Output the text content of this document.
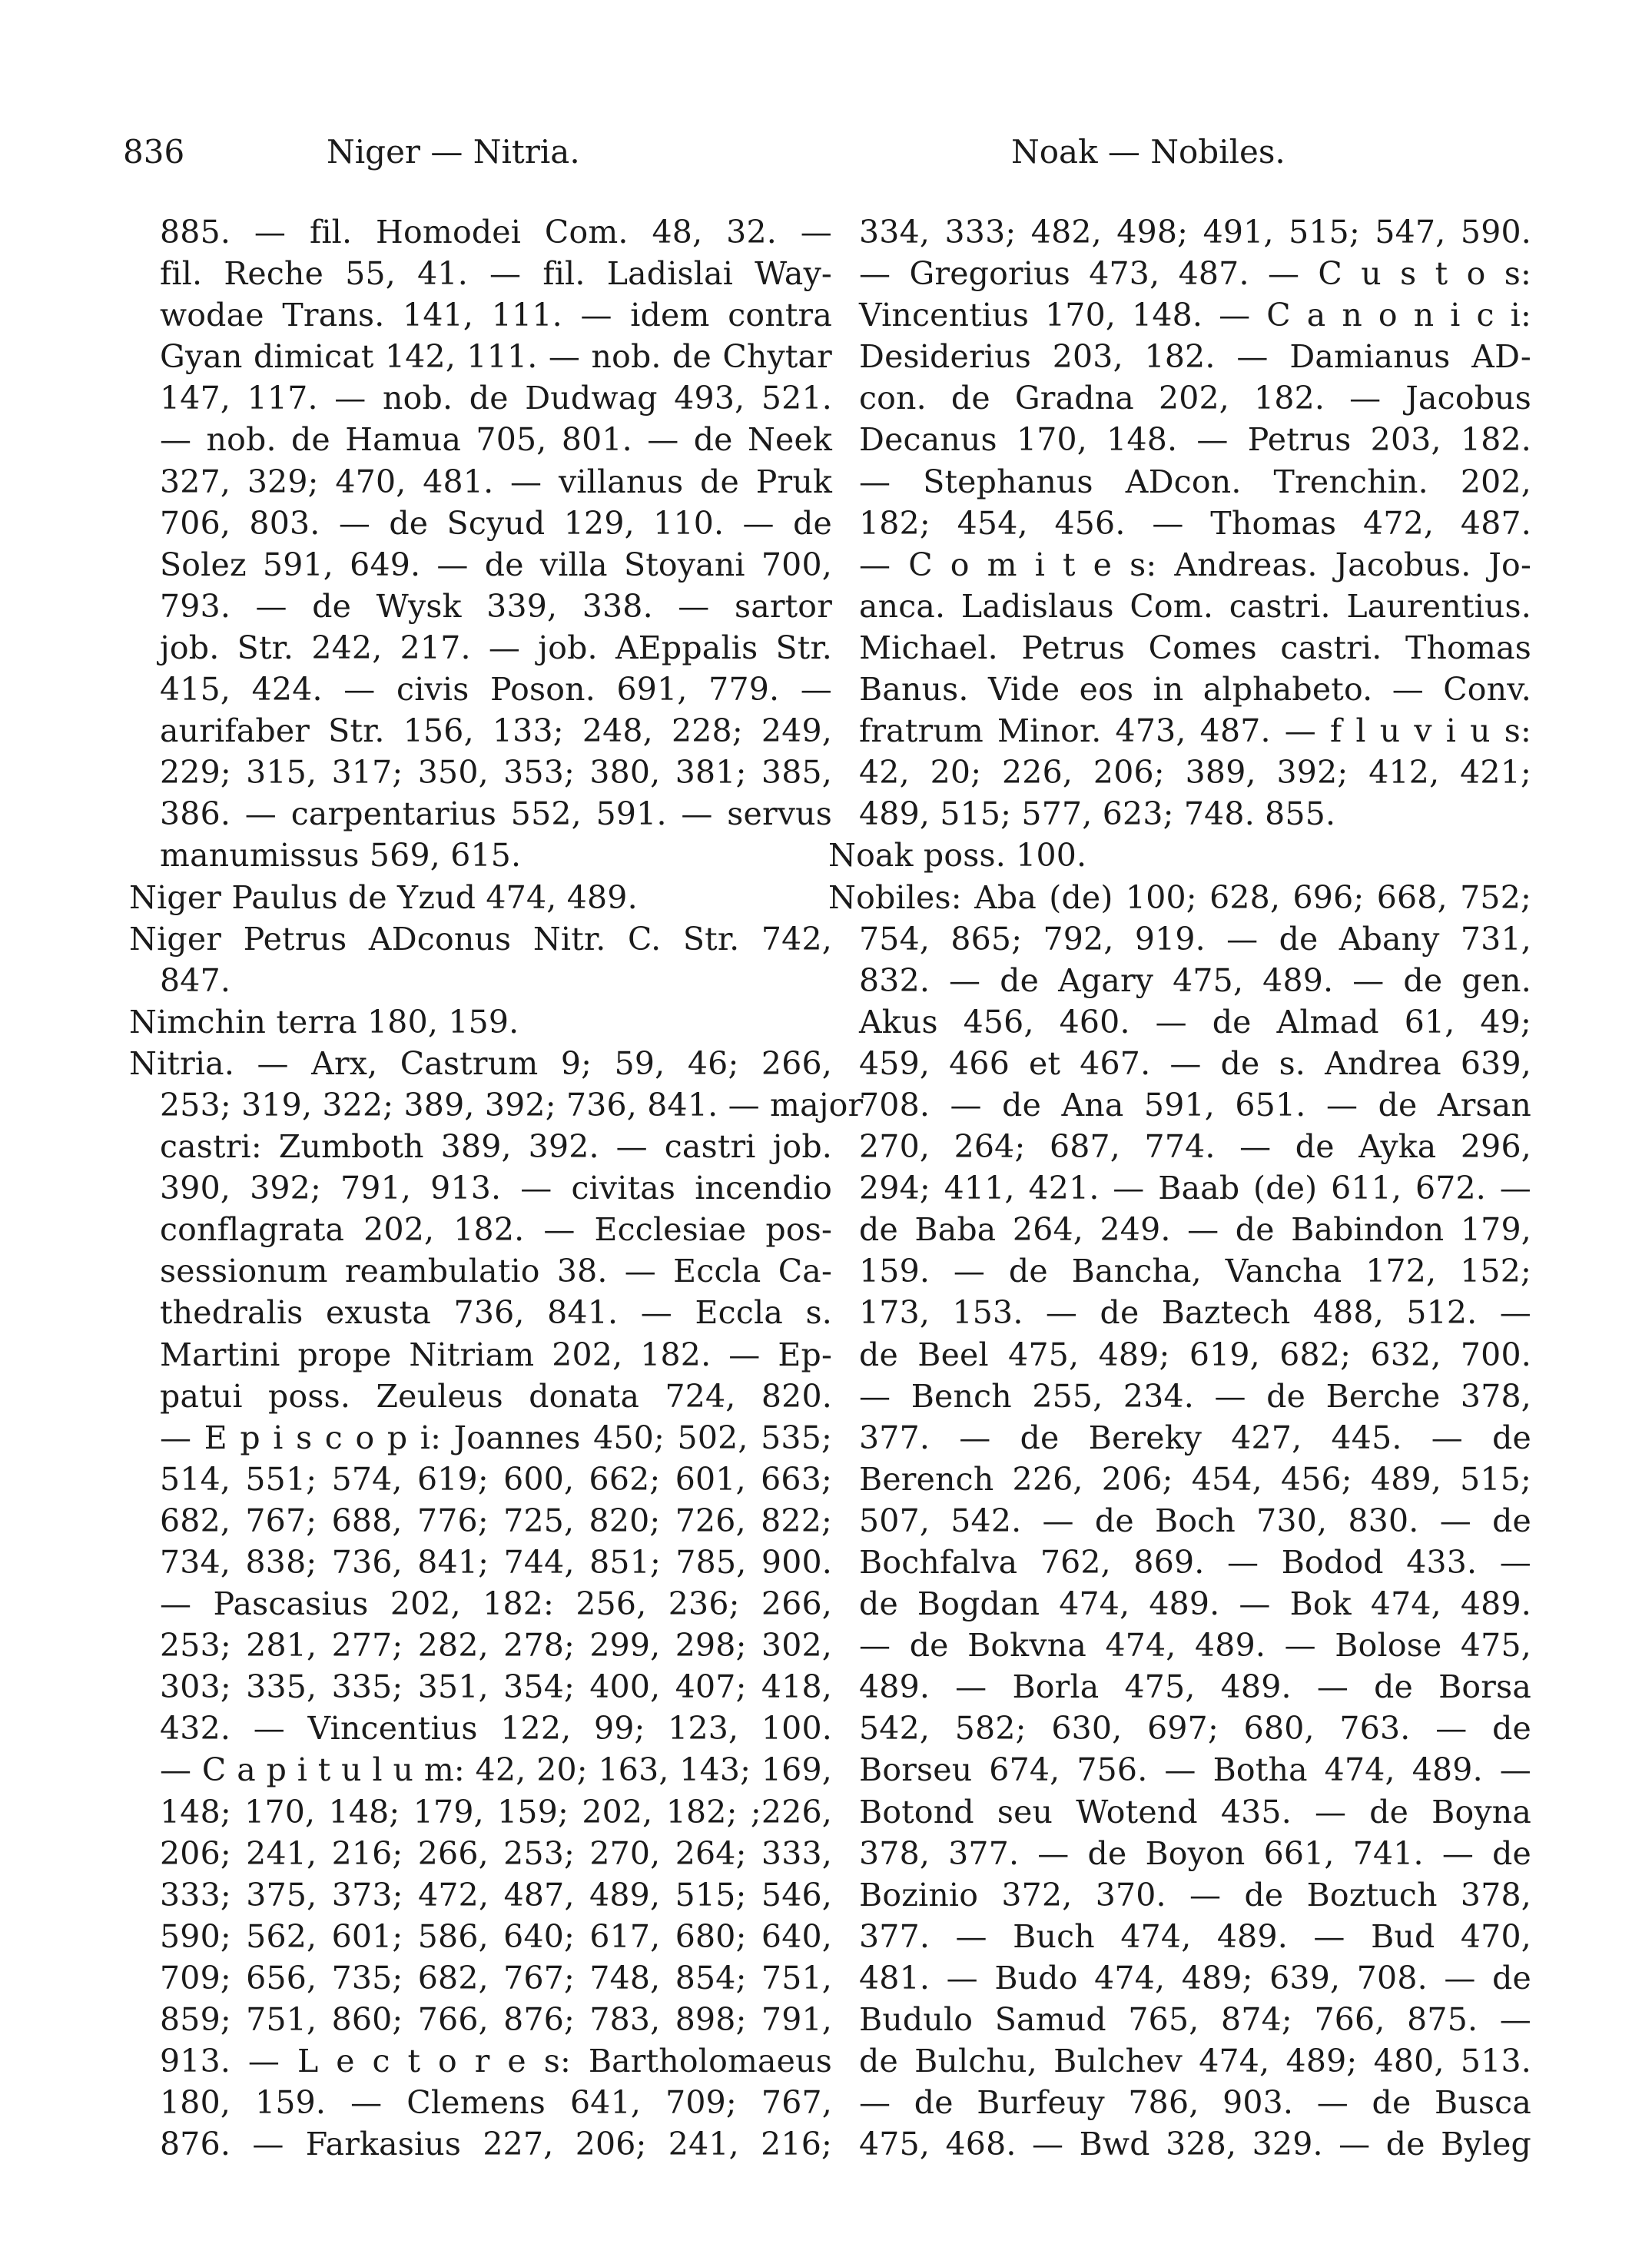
836	Niger — Nitria.	Noak — Nobiles.
885. — fil. Homodei Com. 48, 32. —
fil. Reche 55, 41. — fil. Ladislai Way-
wodae Trans. 141, 111. — idem contra
Gyan dimicat 142, 111. — nob. de Chytar
147, 117. — nob. de Dudwag 493, 521.
— nob. de Hamua 705, 801. — de Neek
327, 329; 470, 481. — villanus de Pruk
706, 803. — de Scyud 129, 110. — de
Solez 591, 649. — de villa Stoyani 700,
793. — de Wysk 339, 338. — sartor
job. Str. 242, 217. — job. AEppalis Str.
415, 424. — civis Poson. 691, 779. —
aurifaber Str. 156, 133; 248, 228; 249,
229; 315, 317; 350, 353; 380, 381; 385,
386. — carpentarius 552, 591. — servus
manumissus 569, 615.
Niger Paulus de Yzud 474, 489.
Niger Petrus ADconus Nitr. C. Str. 742,
847.
Nimchin terra 180, 159.
Nitria. — Arx, Castrum 9; 59, 46; 266,
253; 319, 322; 389, 392; 736, 841. — major
castri: Zumboth 389, 392. — castri job.
390, 392; 791, 913. — civitas incendio
conflagrata 202, 182. — Ecclesiae pos-
sessionum reambulatio 38. — Eccla Ca-
thedralis exusta 736, 841. — Eccla s.
Martini prope Nitriam 202, 182. — Ep-
patui poss. Zeuleus donata 724, 820.
— E p i s c o p i: Joannes 450; 502, 535;
514, 551; 574, 619; 600, 662; 601, 663;
682, 767; 688, 776; 725, 820; 726, 822;
734, 838; 736, 841; 744, 851; 785, 900.
— Pascasius 202, 182: 256, 236; 266,
253; 281, 277; 282, 278; 299, 298; 302,
303; 335, 335; 351, 354; 400, 407; 418,
432. — Vincentius 122, 99; 123, 100.
— C a p i t u l u m: 42, 20; 163, 143; 169,
148; 170, 148; 179, 159; 202, 182; ;226,
206; 241, 216; 266, 253; 270, 264; 333,
333; 375, 373; 472, 487, 489, 515; 546,
590; 562, 601; 586, 640; 617, 680; 640,
709; 656, 735; 682, 767; 748, 854; 751,
859; 751, 860; 766, 876; 783, 898; 791,
913. — L e c t o r e s: Bartholomaeus
180, 159. — Clemens 641, 709; 767,
876. — Farkasius 227, 206; 241, 216;
334, 333; 482, 498; 491, 515; 547, 590.
— Gregorius 473, 487. — C u s t o s:
Vincentius 170, 148. — C a n o n i c i:
Desiderius 203, 182. — Damianus AD-
con. de Gradna 202, 182. — Jacobus
Decanus 170, 148. — Petrus 203, 182.
— Stephanus ADcon. Trenchin. 202,
182; 454, 456. — Thomas 472, 487.
— C o m i t e s: Andreas. Jacobus. Jo-
anca. Ladislaus Com. castri. Laurentius.
Michael. Petrus Comes castri. Thomas
Banus. Vide eos in alphabeto. — Conv.
fratrum Minor. 473, 487. — f l u v i u s:
42, 20; 226, 206; 389, 392; 412, 421;
489, 515; 577, 623; 748. 855.
Noak poss. 100.
Nobiles: Aba (de) 100; 628, 696; 668, 752;
754, 865; 792, 919. — de Abany 731,
832. — de Agary 475, 489. — de gen.
Akus 456, 460. — de Almad 61, 49;
459, 466 et 467. — de s. Andrea 639,
708. — de Ana 591, 651. — de Arsan
270, 264; 687, 774. — de Ayka 296,
294; 411, 421. — Baab (de) 611, 672. —
de Baba 264, 249. — de Babindon 179,
159. — de Bancha, Vancha 172, 152;
173, 153. — de Baztech 488, 512. —
de Beel 475, 489; 619, 682; 632, 700.
— Bench 255, 234. — de Berche 378,
377. — de Bereky 427, 445. — de
Berench 226, 206; 454, 456; 489, 515;
507, 542. — de Boch 730, 830. — de
Bochfalva 762, 869. — Bodod 433. —
de Bogdan 474, 489. — Bok 474, 489.
— de Bokvna 474, 489. — Bolose 475,
489. — Borla 475, 489. — de Borsa
542, 582; 630, 697; 680, 763. — de
Borseu 674, 756. — Botha 474, 489. —
Botond seu Wotend 435. — de Boyna
378, 377. — de Boyon 661, 741. — de
Bozinio 372, 370. — de Boztuch 378,
377. — Buch 474, 489. — Bud 470,
481. — Budo 474, 489; 639, 708. — de
Budulo Samud 765, 874; 766, 875. —
de Bulchu, Bulchev 474, 489; 480, 513.
— de Burfeuy 786, 903. — de Busca
475, 468. — Bwd 328, 329. — de Byleg
